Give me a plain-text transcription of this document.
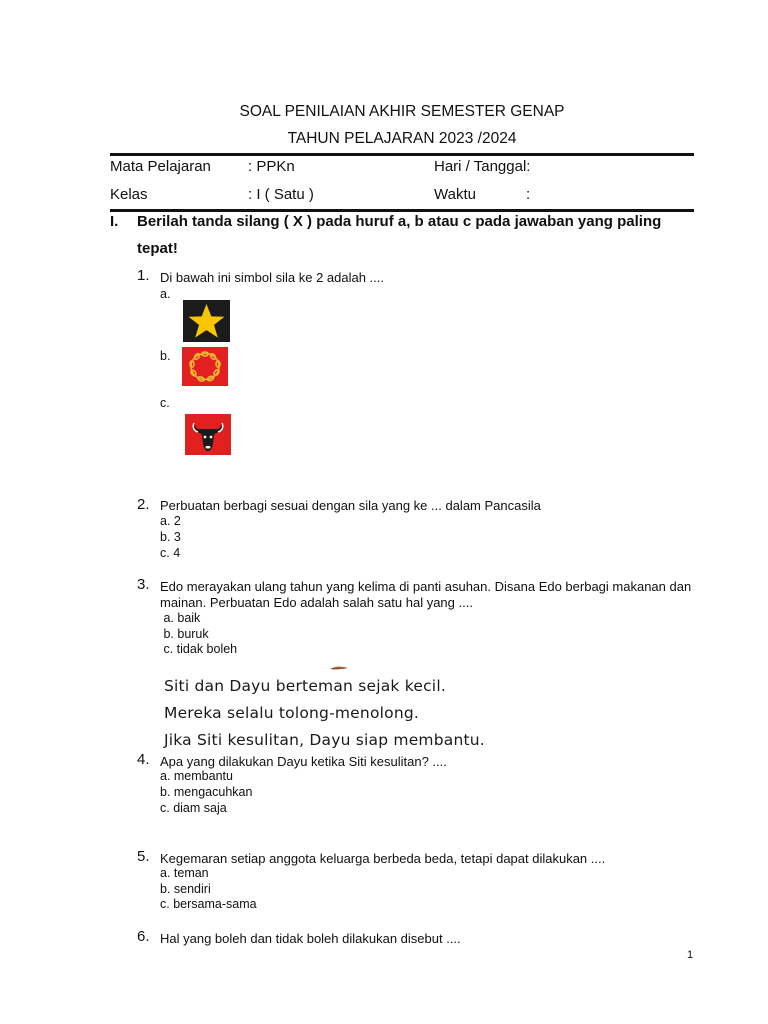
SOAL PENILAIAN AKHIR SEMESTER GENAP
TAHUN PELAJARAN 2023 /2024
Mata Pelajaran : PPKn	Hari / Tanggal:
Kelas	: I ( Satu )	Waktu	:
I. Berilah tanda silang ( X ) pada huruf a, b atau c pada jawaban yang paling
tepat!
1. Di bawah ini simbol sila ke 2 adalah ....
a.
b.
c.
2. Perbuatan berbagi sesuai dengan sila yang ke ... dalam Pancasila
a. 2
b. 3
c. 4
3. Edo merayakan ulang tahun yang kelima di panti asuhan. Disana Edo berbagi makanan dan
mainan. Perbuatan Edo adalah salah satu hal yang ....
a. baik
b. buruk
c. tidak boleh
Siti dan Dayu berteman sejak kecil.
Mereka selalu tolong-menolong.
Jika Siti kesulitan, Dayu siap membantu.
4. Apa yang dilakukan Dayu ketika Siti kesulitan? ....
a. membantu
b. mengacuhkan
c. diam saja
5. Kegemaran setiap anggota keluarga berbeda beda, tetapi dapat dilakukan ....
a. teman
b. sendiri
c. bersama-sama
6. Hal yang boleh dan tidak boleh dilakukan disebut ....
1
